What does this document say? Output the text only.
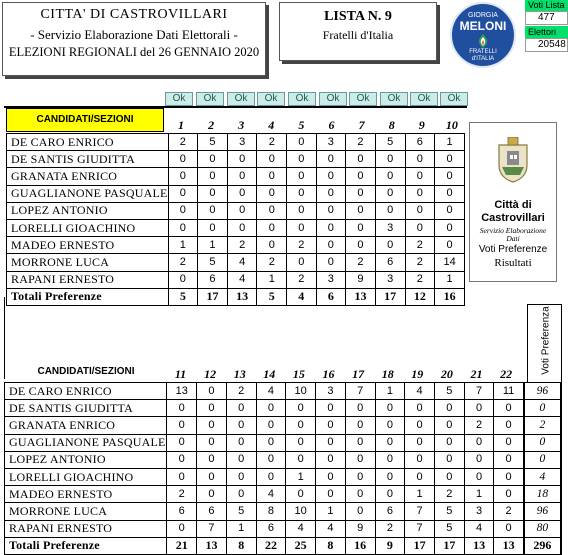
CITTA' DI CASTROVILLARI
- Servizio Elaborazione Dati Elettorali -
ELEZIONI REGIONALI del 26 GENNAIO 2020
LISTA N. 9
Fratelli d'Italia
GIORGIA
MELONI
FRATELLI
d'ITALIA
Voti Lista
477
Elettori
20548
Ok	Ok	Ok	Ok	Ok	Ok	Ok	Ok	Ok	Ok
CANDIDATI/SEZIONI	1	2	3	4	5	6	7	8	9	10
DE CARO ENRICO	2	5	3	2	0	3	2	5	6	1
DE SANTIS GIUDITTA	0	0	0	0	0	0	0	0	0	0
GRANATA ENRICO	0	0	0	0	0	0	0	0	0	0
GUAGLIANONE PASQUALE	0	0	0	0	0	0	0	0	0	0
LOPEZ ANTONIO	0	0	0	0	0	0	0	0	0	0
LORELLI GIOACHINO	0	0	0	0	0	0	0	3	0	0
MADEO ERNESTO	1	1	2	0	2	0	0	0	2	0
MORRONE LUCA	2	5	4	2	0	0	2	6	2	14
RAPANI ERNESTO	0	6	4	1	2	3	9	3	2	1
Totali Preferenze	5	17	13	5	4	6	13	17	12	16
Città di
Castrovillari
Servizio Elaborazione
Dati
Voti Preferenze
Risultati
CANDIDATI/SEZIONI	Voti Preferenza
11	12	13	14	15	16	17	18	19	20	21	22
DE CARO ENRICO	13	0	2	4	10	3	7	1	4	5	7	11	96
DE SANTIS GIUDITTA	0	0	0	0	0	0	0	0	0	0	0	0	0
GRANATA ENRICO	0	0	0	0	0	0	0	0	0	0	2	0	2
GUAGLIANONE PASQUALE	0	0	0	0	0	0	0	0	0	0	0	0	0
LOPEZ ANTONIO	0	0	0	0	0	0	0	0	0	0	0	0	0
LORELLI GIOACHINO	0	0	0	0	1	0	0	0	0	0	0	0	4
MADEO ERNESTO	2	0	0	4	0	0	0	0	1	2	1	0	18
MORRONE LUCA	6	6	5	8	10	1	0	6	7	5	3	2	96
RAPANI ERNESTO	0	7	1	6	4	4	9	2	7	5	4	0	80
Totali Preferenze	21	13	8	22	25	8	16	9	17	17	13	13	296
